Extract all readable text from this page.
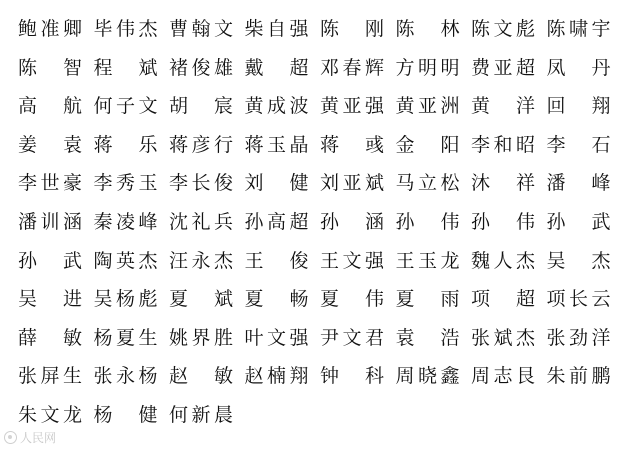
鲍 准 卿 毕 伟 杰 曹 翰 文 柴 自 强 陈 刚 陈 林 陈 文 彪 陈 啸 宇
陈 智 程 斌 褚 俊 雄 戴 超 邓 春 辉 方 明 明 费 亚 超 凤 丹
高 航 何 子 文 胡 宸 黄 成 波 黄 亚 强 黄 亚 洲 黄 洋 回 翔
姜 袁 蒋 乐 蒋 彦 行 蒋 玉 晶 蒋 彧 金 阳 李 和 昭 李 石
李 世 豪 李 秀 玉 李 长 俊 刘 健 刘 亚 斌 马 立 松 沐 祥 潘 峰
潘 训 涵 秦 凌 峰 沈 礼 兵 孙 高 超 孙 涵 孙 伟 孙 伟 孙 武
孙 武 陶 英 杰 汪 永 杰 王 俊 王 文 强 王 玉 龙 魏 人 杰 吴 杰
吴 进 吴 杨 彪 夏 斌 夏 畅 夏 伟 夏 雨 项 超 项 长 云
薛 敏 杨 夏 生 姚 界 胜 叶 文 强 尹 文 君 袁 浩 张 斌 杰 张 劲 洋
张 屏 生 张 永 杨 赵 敏 赵 楠 翔 钟 科 周 晓 鑫 周 志 艮 朱 前 鹏
朱 文 龙 杨 健 何 新 晨
人民网
